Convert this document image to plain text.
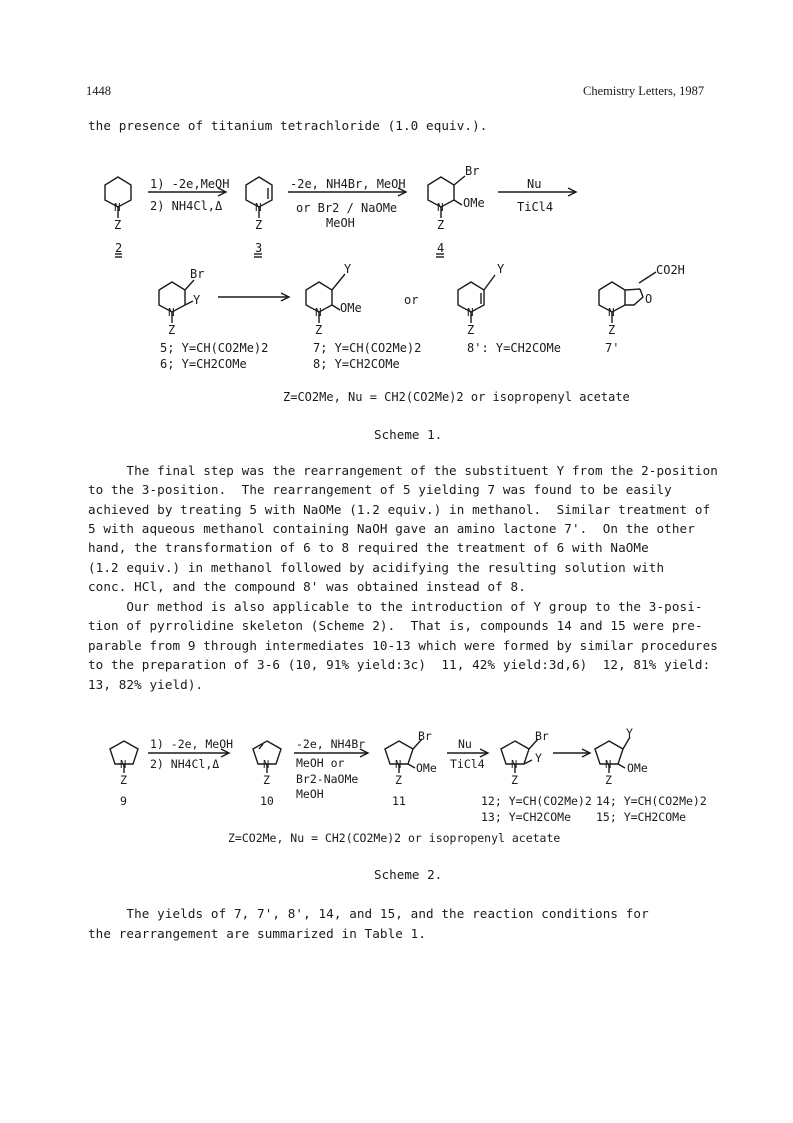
1448	Chemistry Letters, 1987
the presence of titanium tetrachloride (1.0 equiv.).
1) -2e,MeOH
2) NH4Cl,Δ
-2e, NH4Br, MeOH
or Br2 / NaOMe
MeOH
Nu
TiCl4
N
Z
2
N
Z
3
Br
OMe
N
Z
4
Br
Y
N
Z
Y
OMe
N
Z
or
Y
N
Z
CO2H
O
N
Z
5; Y=CH(CO2Me)2
6; Y=CH2COMe
7; Y=CH(CO2Me)2
8; Y=CH2COMe
8': Y=CH2COMe	7'
Z=CO2Me, Nu = CH2(CO2Me)2 or isopropenyl acetate
1) -2e, MeOH
2) NH4Cl,Δ
-2e, NH4Br
MeOH or
Br2-NaOMe
MeOH
Nu
TiCl4
N
Z
9
N
Z
10
Br
OMe
N
Z
11
Br
Y
N
Z
Y
OMe
N
Z
12; Y=CH(CO2Me)2
13; Y=CH2COMe
14; Y=CH(CO2Me)2
15; Y=CH2COMe
Z=CO2Me, Nu = CH2(CO2Me)2 or isopropenyl acetate
Scheme 1.
The final step was the rearrangement of the substituent Y from the 2-position
to the 3-position.  The rearrangement of 5 yielding 7 was found to be easily
achieved by treating 5 with NaOMe (1.2 equiv.) in methanol.  Similar treatment of
5 with aqueous methanol containing NaOH gave an amino lactone 7'.  On the other
hand, the transformation of 6 to 8 required the treatment of 6 with NaOMe
(1.2 equiv.) in methanol followed by acidifying the resulting solution with
conc. HCl, and the compound 8' was obtained instead of 8.
Our method is also applicable to the introduction of Y group to the 3-posi-
tion of pyrrolidine skeleton (Scheme 2).  That is, compounds 14 and 15 were pre-
parable from 9 through intermediates 10-13 which were formed by similar procedures
to the preparation of 3-6 (10, 91% yield:3c)  11, 42% yield:3d,6)  12, 81% yield:
13, 82% yield).
Scheme 2.
The yields of 7, 7', 8', 14, and 15, and the reaction conditions for
the rearrangement are summarized in Table 1.
